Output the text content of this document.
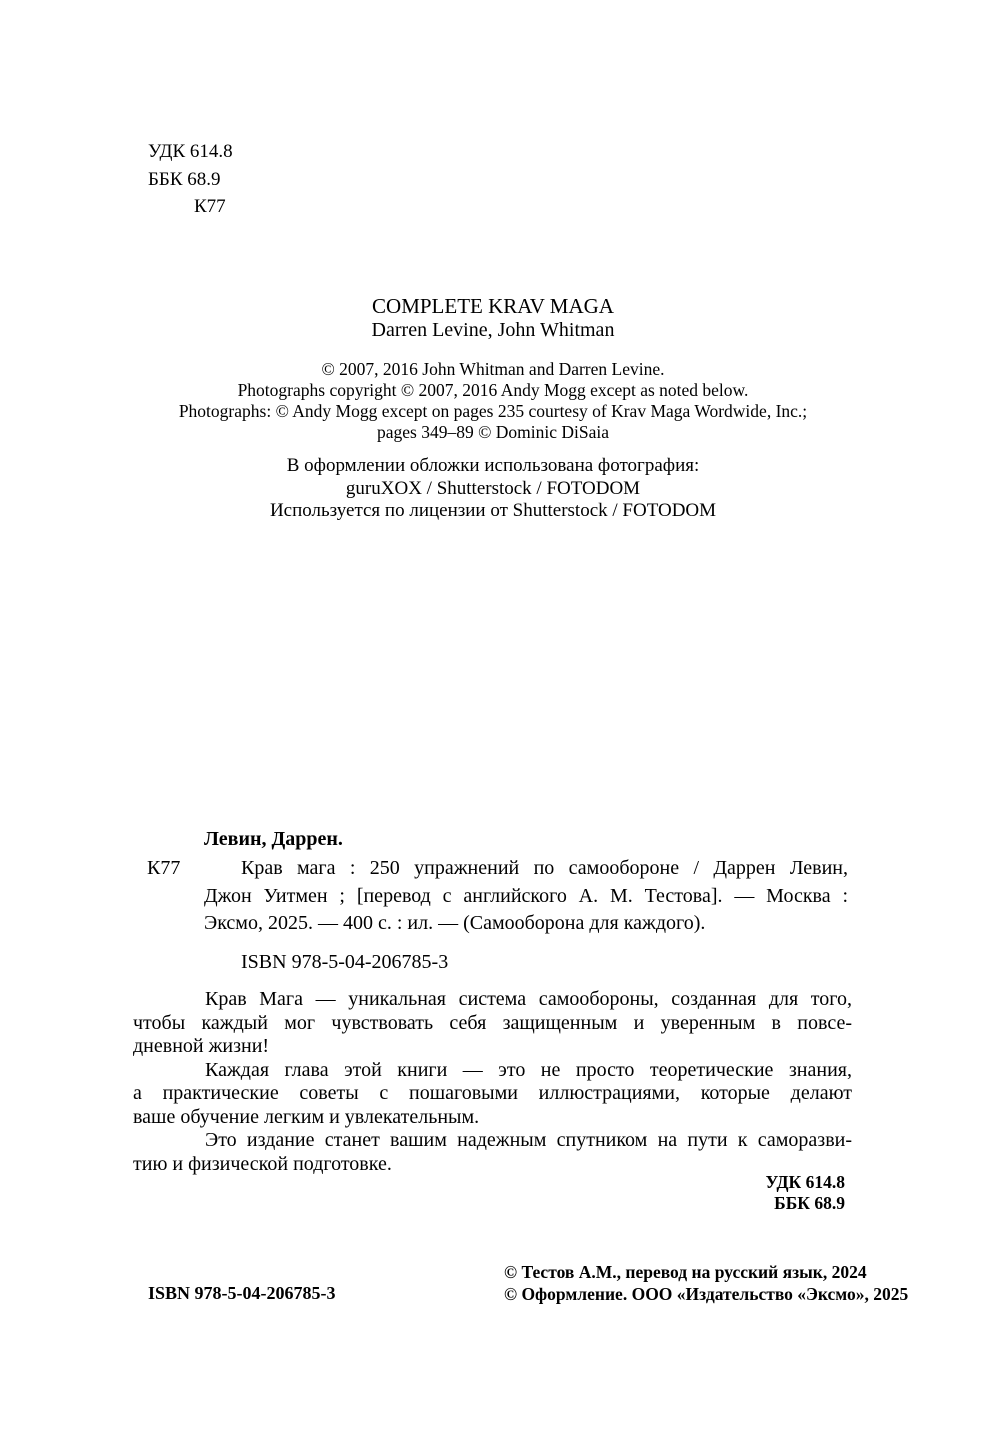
УДК 614.8
ББК 68.9
К77
COMPLETE KRAV MAGA
Darren Levine, John Whitman
© 2007, 2016 John Whitman and Darren Levine.
Photographs copyright © 2007, 2016 Andy Mogg except as noted below.
Photographs: © Andy Mogg except on pages 235 courtesy of Krav Maga Wordwide, Inc.;
pages 349–89 © Dominic DiSaia
В оформлении обложки использована фотография:
guruXOX / Shutterstock / FOTODOM
Используется по лицензии от Shutterstock / FOTODOM
Левин, Даррен.
К77	Крав мага : 250 упражнений по самообороне / Даррен Левин,
Джон Уитмен ; [перевод с английского А. М. Тестова]. — Москва :
Эксмо, 2025. — 400 с. : ил. — (Самооборона для каждого).
ISBN 978-5-04-206785-3
Крав Мага — уникальная система самообороны, созданная для того,
чтобы каждый мог чувствовать себя защищенным и уверенным в повсе-
дневной жизни!
Каждая глава этой книги — это не просто теоретические знания,
а практические советы с пошаговыми иллюстрациями, которые делают
ваше обучение легким и увлекательным.
Это издание станет вашим надежным спутником на пути к саморазви-
тию и физической подготовке.
УДК 614.8
ББК 68.9
ISBN 978-5-04-206785-3
© Тестов А.М., перевод на русский язык, 2024
© Оформление. ООО «Издательство «Эксмо», 2025
